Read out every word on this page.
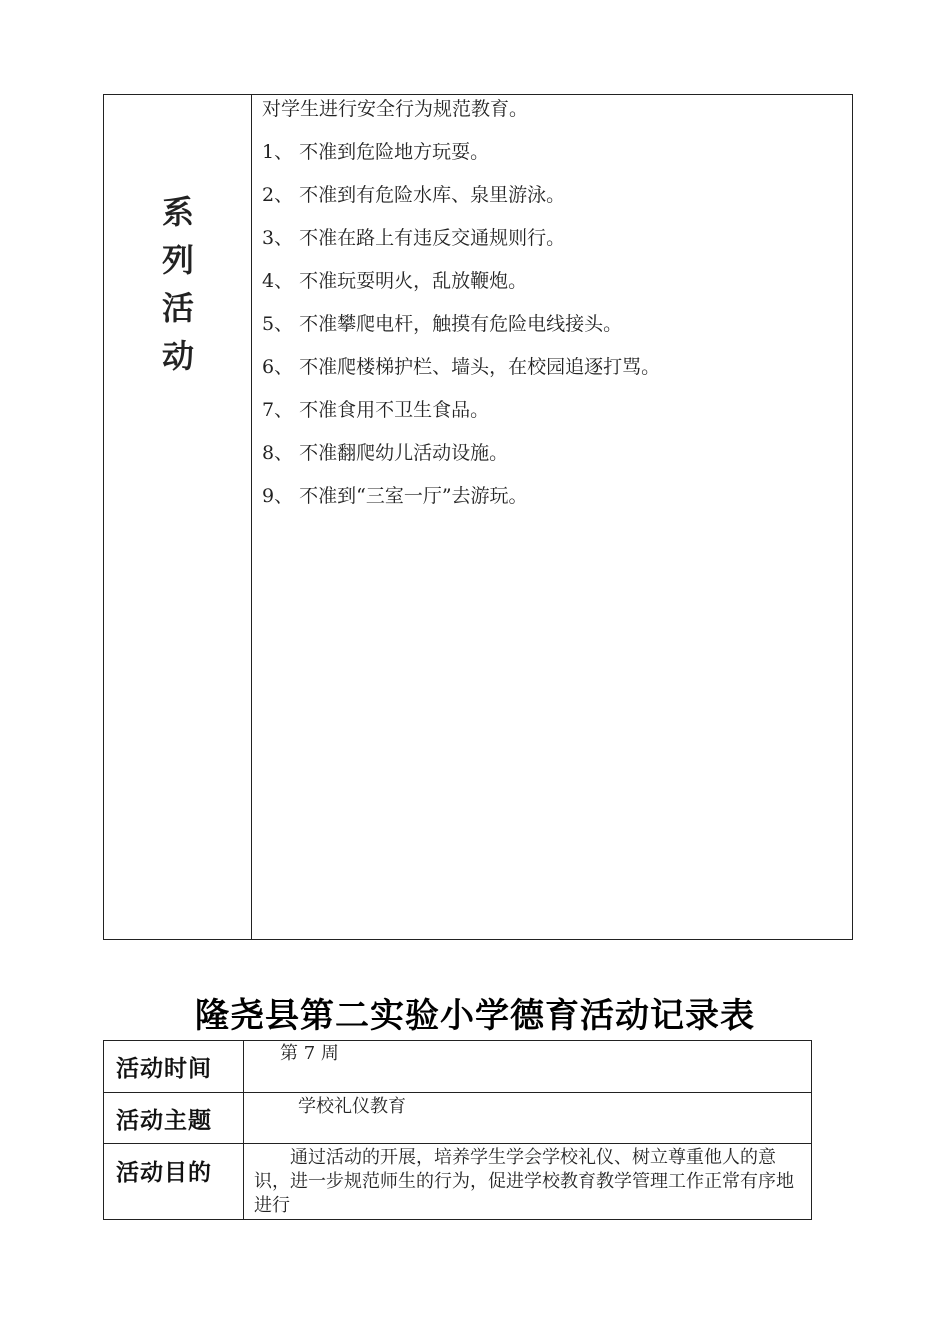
系
列
活
动
对学生进行安全行为规范教育。
1、 不准到危险地方玩耍。
2、 不准到有危险水库、泉里游泳。
3、 不准在路上有违反交通规则行。
4、 不准玩耍明火，乱放鞭炮。
5、 不准攀爬电杆，触摸有危险电线接头。
6、 不准爬楼梯护栏、墙头，在校园追逐打骂。
7、 不准食用不卫生食品。
8、 不准翻爬幼儿活动设施。
9、 不准到“三室一厅”去游玩。
隆尧县第二实验小学德育活动记录表
活动时间
第 7 周
活动主题
学校礼仪教育
活动目的
通过活动的开展，培养学生学会学校礼仪、树立尊重他人的意识，进一步规范师生的行为，促进学校教育教学管理工作正常有序地进行
